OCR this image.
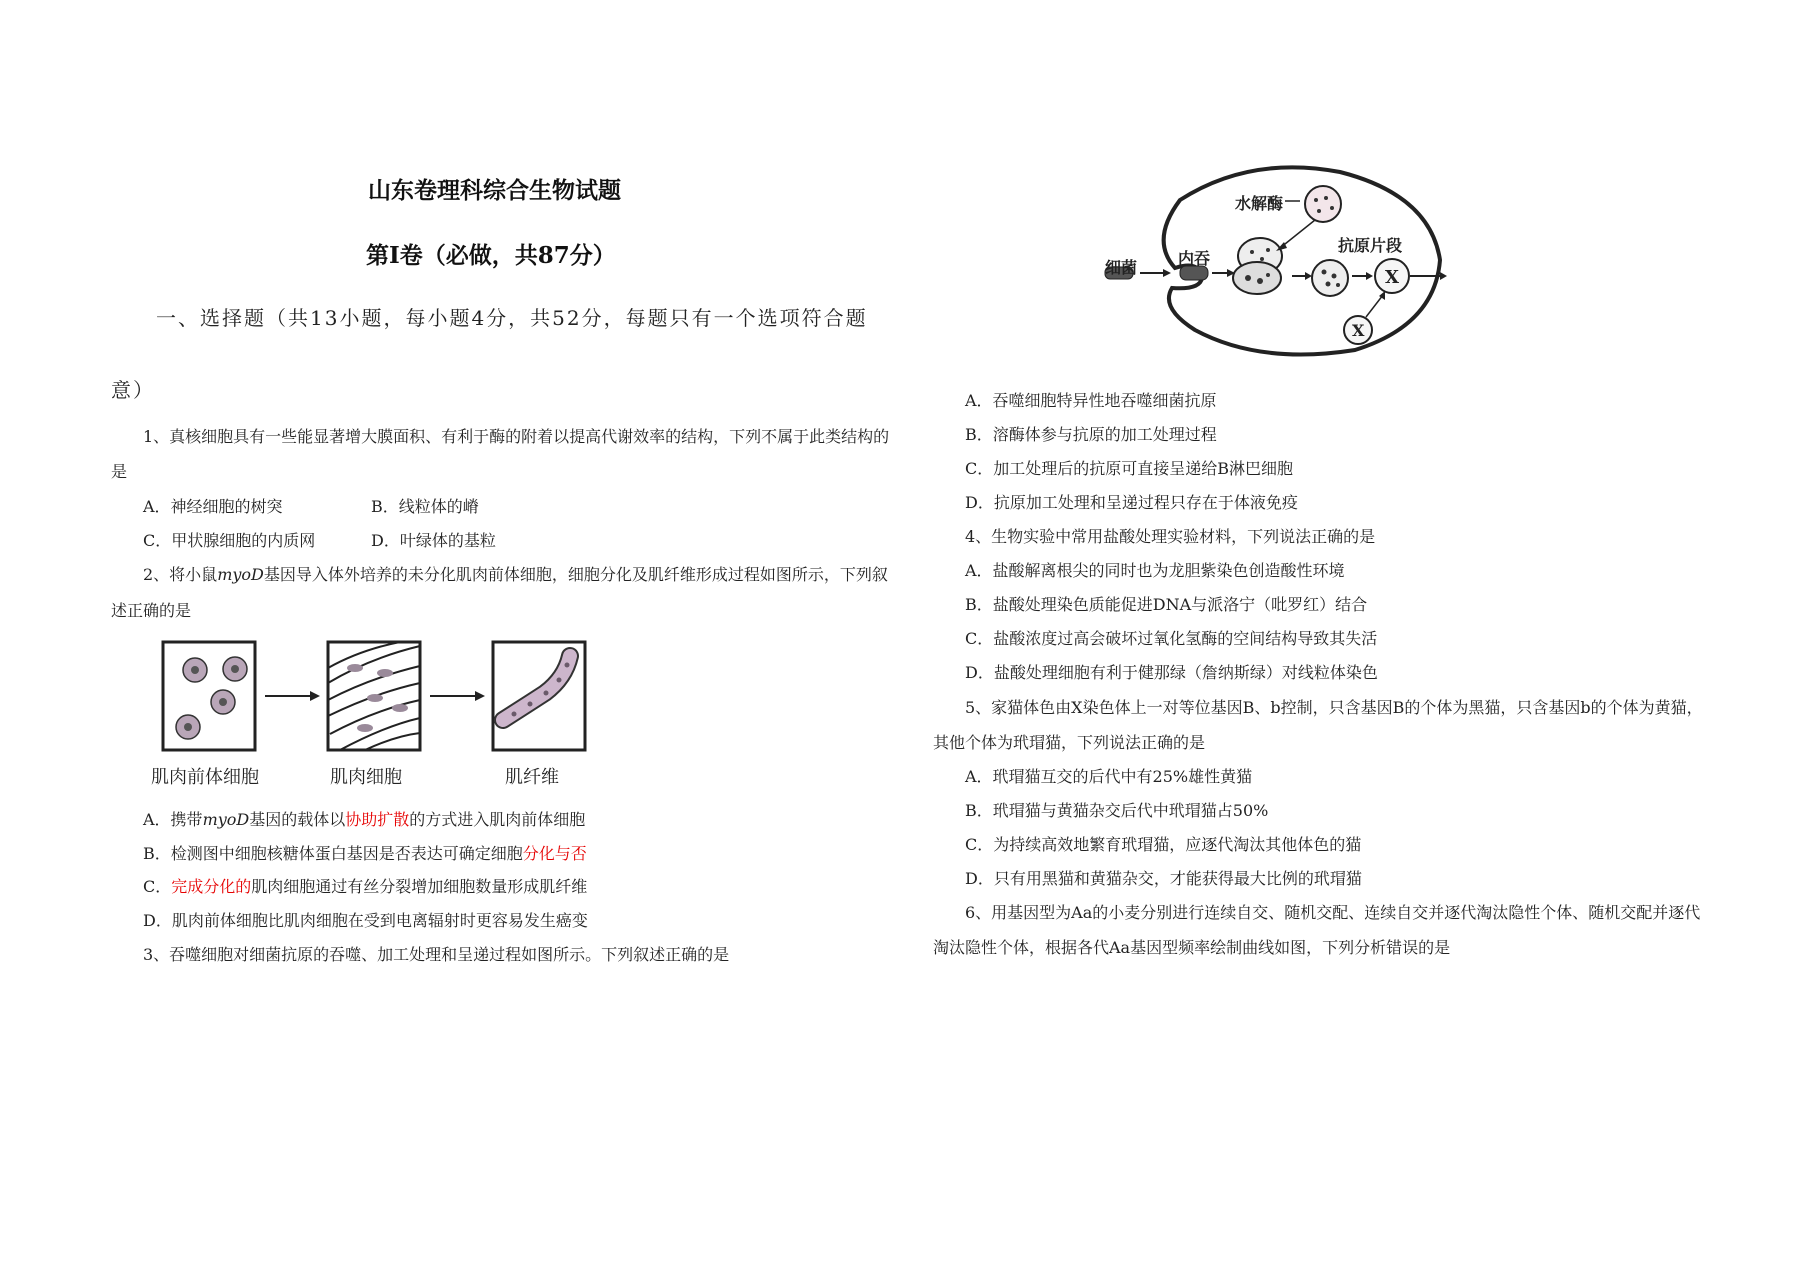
山东卷理科综合生物试题
第Ⅰ卷（必做，共87分）
一、选择题（共13小题，每小题4分，共52分，每题只有一个选项符合题
意）
1、真核细胞具有一些能显著增大膜面积、有利于酶的附着以提高代谢效率的结构，下列不属于此类结构的
是
A．神经细胞的树突	B．线粒体的嵴
C．甲状腺细胞的内质网	D．叶绿体的基粒
2、将小鼠myoD基因导入体外培养的未分化肌肉前体细胞，细胞分化及肌纤维形成过程如图所示，下列叙
述正确的是
肌肉前体细胞	肌肉细胞	肌纤维
A．携带myoD基因的载体以协助扩散的方式进入肌肉前体细胞
B．检测图中细胞核糖体蛋白基因是否表达可确定细胞分化与否
C．完成分化的肌肉细胞通过有丝分裂增加细胞数量形成肌纤维
D．肌肉前体细胞比肌肉细胞在受到电离辐射时更容易发生癌变
3、吞噬细胞对细菌抗原的吞噬、加工处理和呈递过程如图所示。下列叙述正确的是
X
X
细菌	内吞
水解酶
抗原片段
A．吞噬细胞特异性地吞噬细菌抗原
B．溶酶体参与抗原的加工处理过程
C．加工处理后的抗原可直接呈递给B淋巴细胞
D．抗原加工处理和呈递过程只存在于体液免疫
4、生物实验中常用盐酸处理实验材料，下列说法正确的是
A．盐酸解离根尖的同时也为龙胆紫染色创造酸性环境
B．盐酸处理染色质能促进DNA与派洛宁（吡罗红）结合
C．盐酸浓度过高会破坏过氧化氢酶的空间结构导致其失活
D．盐酸处理细胞有利于健那绿（詹纳斯绿）对线粒体染色
5、家猫体色由X染色体上一对等位基因B、b控制，只含基因B的个体为黑猫，只含基因b的个体为黄猫，
其他个体为玳瑁猫，下列说法正确的是
A．玳瑁猫互交的后代中有25%雄性黄猫
B．玳瑁猫与黄猫杂交后代中玳瑁猫占50%
C．为持续高效地繁育玳瑁猫，应逐代淘汰其他体色的猫
D．只有用黑猫和黄猫杂交，才能获得最大比例的玳瑁猫
6、用基因型为Aa的小麦分别进行连续自交、随机交配、连续自交并逐代淘汰隐性个体、随机交配并逐代
淘汰隐性个体，根据各代Aa基因型频率绘制曲线如图，下列分析错误的是
